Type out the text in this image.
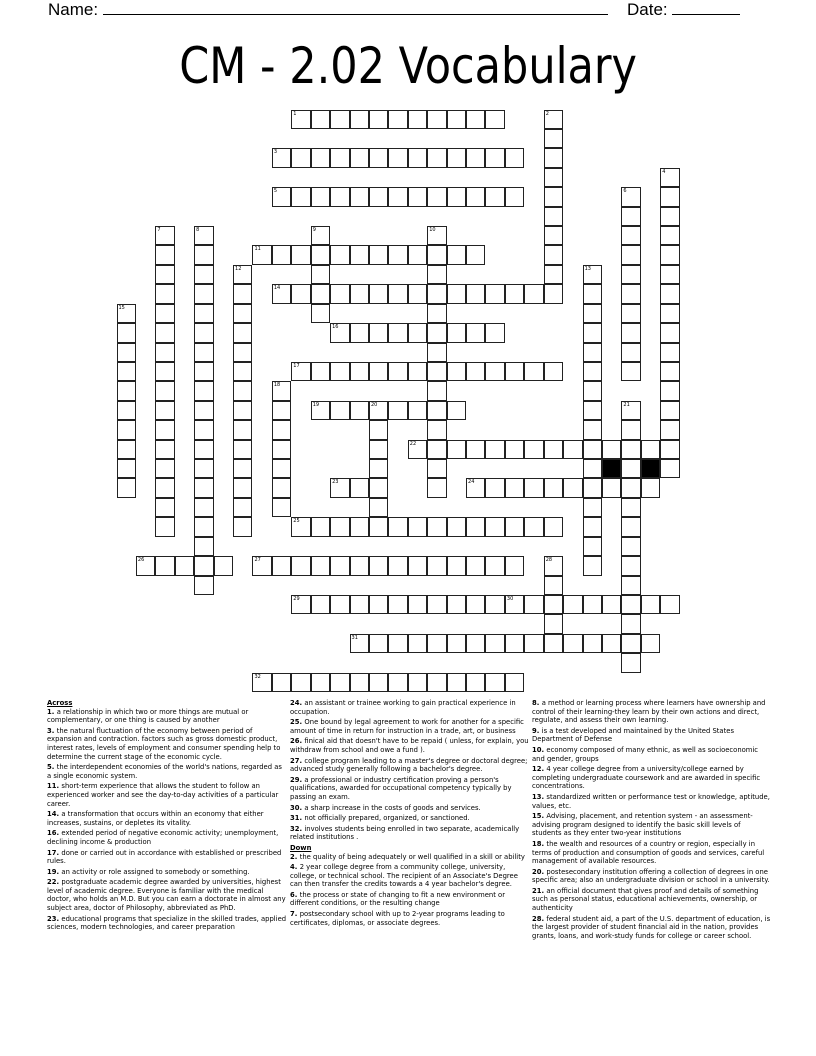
Name:	Date:
CM - 2.02 Vocabulary
1
3
5
11
14
16
17
19	20
22
23	24
25
26	27
29	30
31
32
2
4
6
7	8	9	10
12	13
15
18
21
28
Across
1. a relationship in which two or more things are mutual or complementary, or one thing is caused by another
3. the natural fluctuation of the economy between period of expansion and contraction. factors such as gross domestic product, interest rates, levels of employment and consumer spending help to determine the current stage of the economic cycle.
5. the interdependent economies of the world's nations, regarded as a single economic system.
11. short-term experience that allows the student to follow an experienced worker and see the day-to-day activities of a particular career.
14. a transformation that occurs within an economy that either increases, sustains, or depletes its vitality.
16. extended period of negative economic activity; unemployment, declining income & production
17. done or carried out in accordance with established or prescribed rules.
19. an activity or role assigned to somebody or something.
22. postgraduate academic degree awarded by universities, highest level of academic degree. Everyone is familiar with the medical doctor, who holds an M.D. But you can earn a doctorate in almost any subject area, doctor of Philosophy, abbreviated as PhD.
23. educational programs that specialize in the skilled trades, applied sciences, modern technologies, and career preparation
24. an assistant or trainee working to gain practical experience in occupation.
25. One bound by legal agreement to work for another for a specific amount of time in return for instruction in a trade, art, or business
26. finical aid that doesn't have to be repaid ( unless, for explain, you withdraw from school and owe a fund ).
27. college program leading to a master's degree or doctoral degree; advanced study generally following a bachelor's degree.
29. a professional or industry certification proving a person's qualifications, awarded for occupational competency typically by passing an exam.
30. a sharp increase in the costs of goods and services.
31. not officially prepared, organized, or sanctioned.
32. involves students being enrolled in two separate, academically related institutions .
Down
2. the quality of being adequately or well qualified in a skill or ability
4. 2 year college degree from a community college, university, college, or technical school. The recipient of an Associate's Degree can then transfer the credits towards a 4 year bachelor's degree.
6. the process or state of changing to fit a new environment or different conditions, or the resulting change
7. postsecondary school with up to 2-year programs leading to certificates, diplomas, or associate degrees.
8. a method or learning process where learners have ownership and control of their learning-they learn by their own actions and direct, regulate, and assess their own learning.
9. is a test developed and maintained by the United States Department of Defense
10. economy composed of many ethnic, as well as socioeconomic and gender, groups
12. 4 year college degree from a university/college earned by completing undergraduate coursework and are awarded in specific concentrations.
13. standardized written or performance test or knowledge, aptitude, values, etc.
15. Advising, placement, and retention system - an assessment-advising program designed to identify the basic skill levels of students as they enter two-year institutions
18. the wealth and resources of a country or region, especially in terms of production and consumption of goods and services, careful management of available resources.
20. postesecondary institution offering a collection of degrees in one specific area; also an undergraduate division or school in a university.
21. an official document that gives proof and details of something such as personal status, educational achievements, ownership, or authenticity
28. federal student aid, a part of the U.S. department of education, is the largest provider of student financial aid in the nation, provides grants, loans, and work-study funds for college or career school.
